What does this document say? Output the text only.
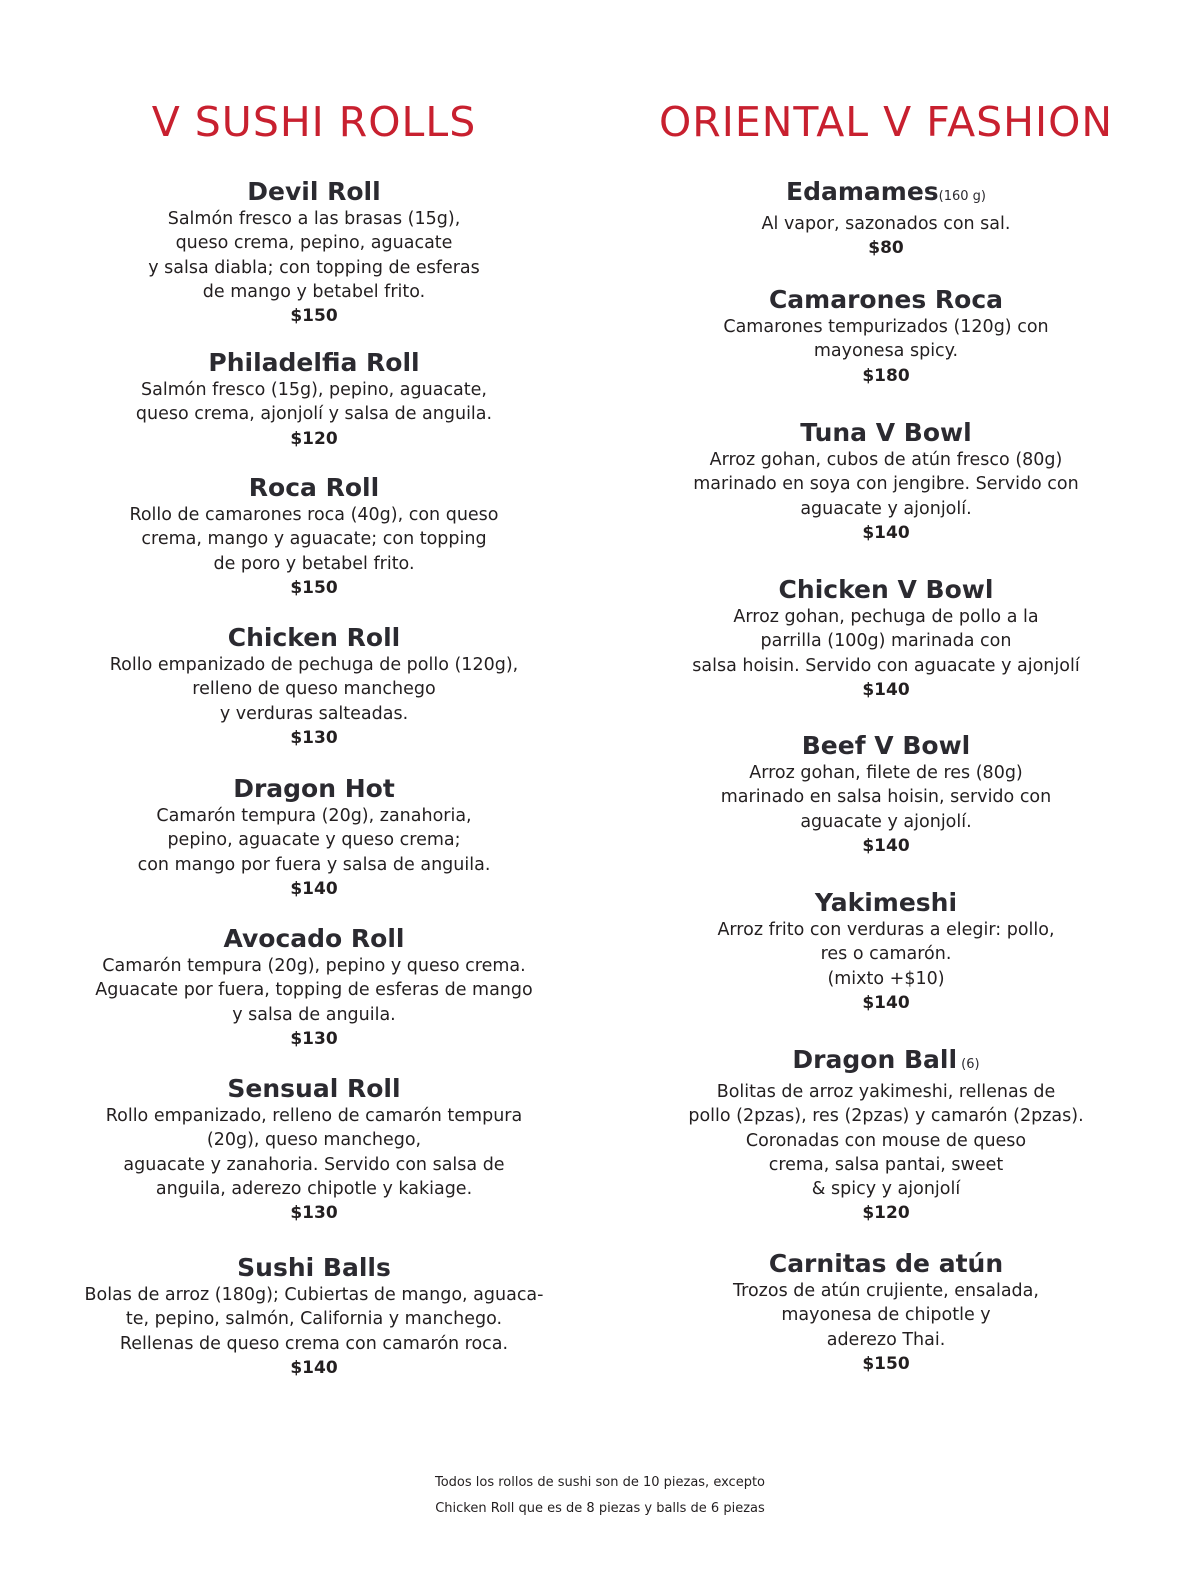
V SUSHI ROLLS
Devil Roll
Salmón fresco a las brasas (15g),
queso crema, pepino, aguacate
y salsa diabla; con topping de esferas
de mango y betabel frito.
$150
Philadelfia Roll
Salmón fresco (15g), pepino, aguacate,
queso crema, ajonjolí y salsa de anguila.
$120
Roca Roll
Rollo de camarones roca (40g), con queso
crema, mango y aguacate; con topping
de poro y betabel frito.
$150
Chicken Roll
Rollo empanizado de pechuga de pollo (120g),
relleno de queso manchego
y verduras salteadas.
$130
Dragon Hot
Camarón tempura (20g), zanahoria,
pepino, aguacate y queso crema;
con mango por fuera y salsa de anguila.
$140
Avocado Roll
Camarón tempura (20g), pepino y queso crema.
Aguacate por fuera, topping de esferas de mango
y salsa de anguila.
$130
Sensual Roll
Rollo empanizado, relleno de camarón tempura
(20g), queso manchego,
aguacate y zanahoria. Servido con salsa de
anguila, aderezo chipotle y kakiage.
$130
Sushi Balls
Bolas de arroz (180g); Cubiertas de mango, aguaca-
te, pepino, salmón, California y manchego.
Rellenas de queso crema con camarón roca.
$140
ORIENTAL V FASHION
Edamames(160 g)
Al vapor, sazonados con sal.
$80
Camarones Roca
Camarones tempurizados (120g) con
mayonesa spicy.
$180
Tuna V Bowl
Arroz gohan, cubos de atún fresco (80g)
marinado en soya con jengibre. Servido con
aguacate y ajonjolí.
$140
Chicken V Bowl
Arroz gohan, pechuga de pollo a la
parrilla (100g) marinada con
salsa hoisin. Servido con aguacate y ajonjolí
$140
Beef V Bowl
Arroz gohan, filete de res (80g)
marinado en salsa hoisin, servido con
aguacate y ajonjolí.
$140
Yakimeshi
Arroz frito con verduras a elegir: pollo,
res o camarón.
(mixto +$10)
$140
Dragon Ball (6)
Bolitas de arroz yakimeshi, rellenas de
pollo (2pzas), res (2pzas) y camarón (2pzas).
Coronadas con mouse de queso
crema, salsa pantai, sweet
& spicy y ajonjolí
$120
Carnitas de atún
Trozos de atún crujiente, ensalada,
mayonesa de chipotle y
aderezo Thai.
$150
Todos los rollos de sushi son de 10 piezas, excepto
Chicken Roll que es de 8 piezas y balls de 6 piezas
